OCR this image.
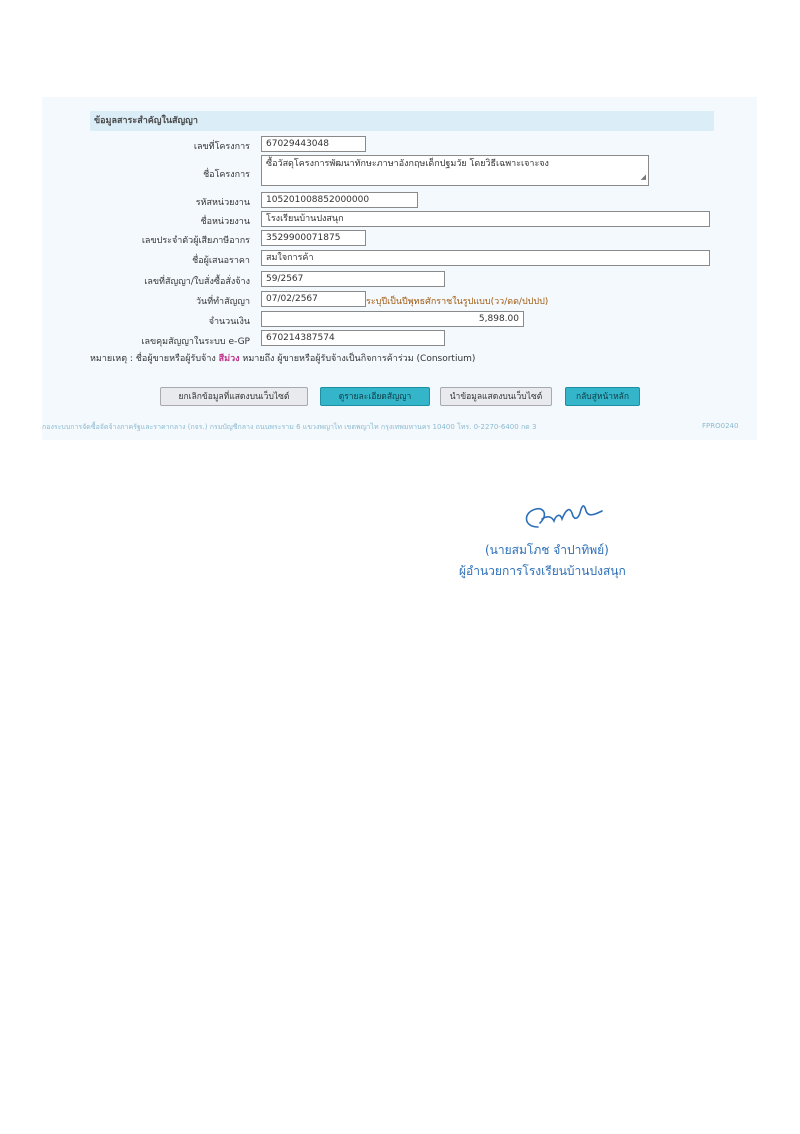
ข้อมูลสาระสำคัญในสัญญา
เลขที่โครงการ	67029443048
ชื่อโครงการ
ซื้อวัสดุโครงการพัฒนาทักษะภาษาอังกฤษเด็กปฐมวัย โดยวิธีเฉพาะเจาะจง
◢
รหัสหน่วยงาน	105201008852000000
ชื่อหน่วยงาน	โรงเรียนบ้านปงสนุก
เลขประจำตัวผู้เสียภาษีอากร	3529900071875
ชื่อผู้เสนอราคา	สมใจการค้า
เลขที่สัญญา/ใบสั่งซื้อสั่งจ้าง	59/2567
วันที่ทำสัญญา	07/02/2567	ระบุปีเป็นปีพุทธศักราชในรูปแบบ(วว/ดด/ปปปป)
จำนวนเงิน	5,898.00
เลขคุมสัญญาในระบบ e-GP	670214387574
หมายเหตุ : ชื่อผู้ขายหรือผู้รับจ้าง สีม่วง หมายถึง ผู้ขายหรือผู้รับจ้างเป็นกิจการค้าร่วม (Consortium)
ยกเลิกข้อมูลที่แสดงบนเว็บไซต์	ดูรายละเอียดสัญญา	นำข้อมูลแสดงบนเว็บไซต์	กลับสู่หน้าหลัก
กองระบบการจัดซื้อจัดจ้างภาครัฐและราคากลาง (กจร.) กรมบัญชีกลาง ถนนพระราม 6 แขวงพญาไท เขตพญาไท กรุงเทพมหานคร 10400 โทร. 0-2270-6400 กด 3	FPRO0240
(นายสมโภช จำปาทิพย์)
ผู้อำนวยการโรงเรียนบ้านปงสนุก
